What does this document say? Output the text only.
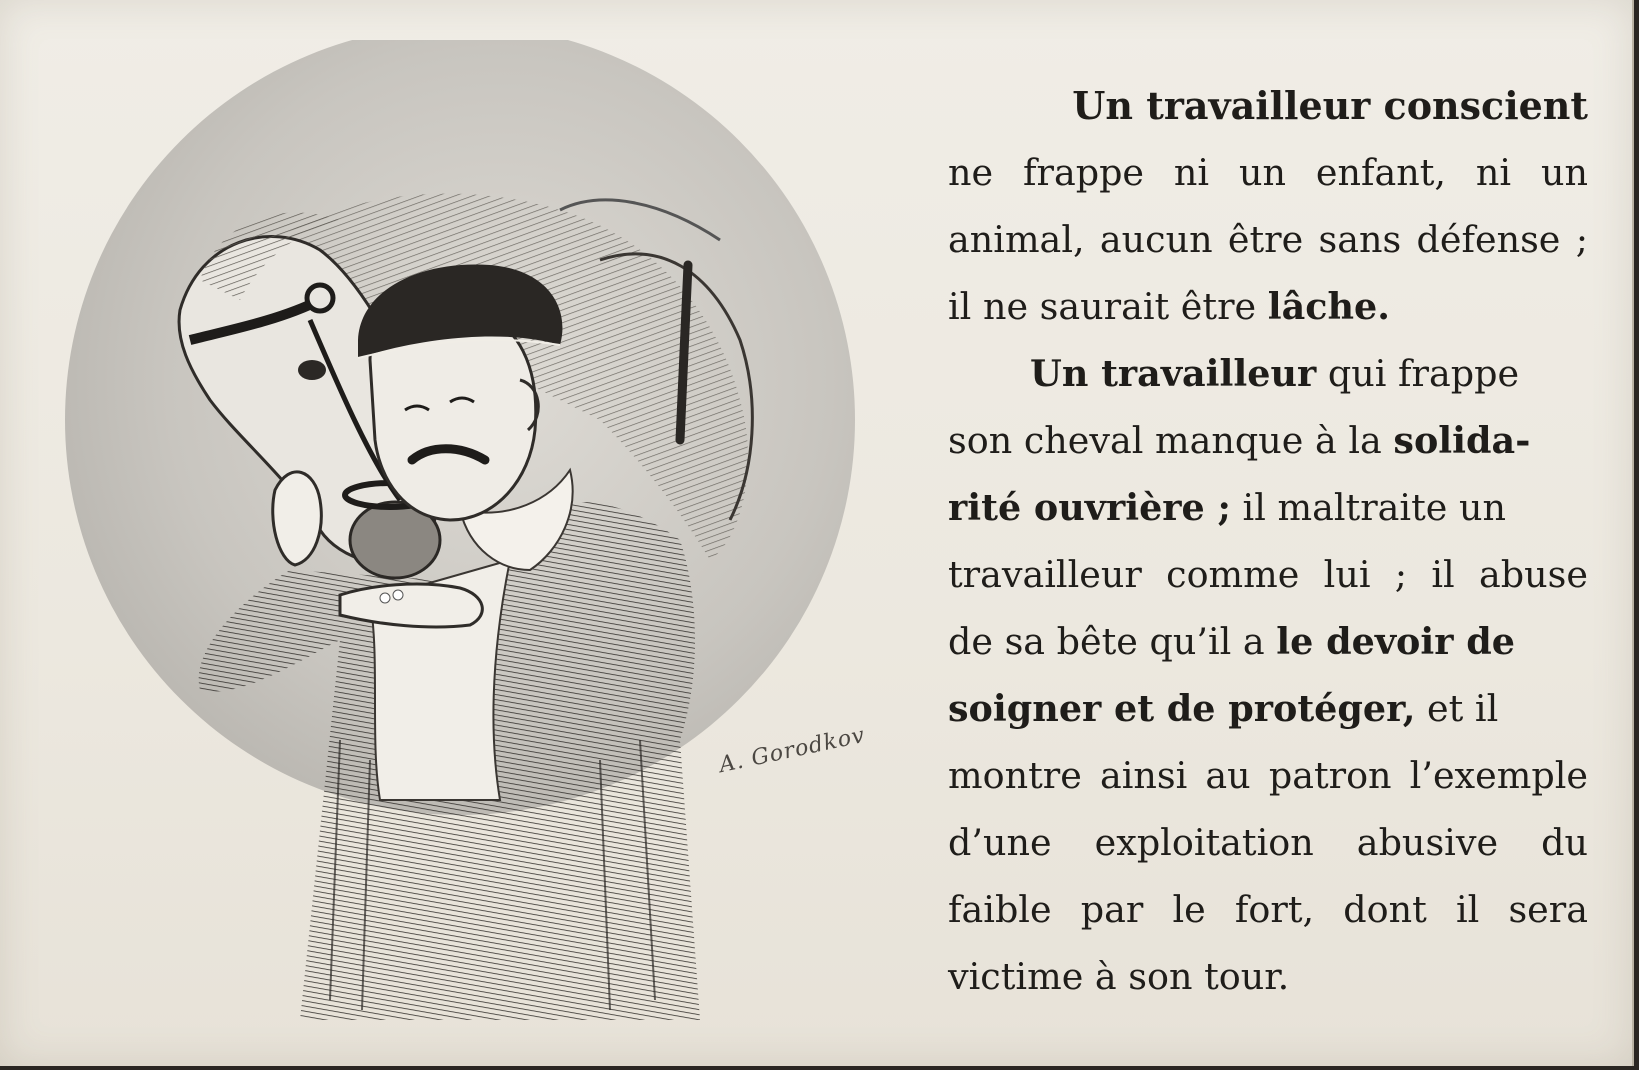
A. Gorodkov
Un travailleur conscient
ne frappe ni un enfant, ni un
animal, aucun être sans défense ;
il ne saurait être lâche.
Un travailleur qui frappe
son cheval manque à la solida-
rité ouvrière ; il maltraite un
travailleur comme lui ; il abuse
de sa bête qu’il a le devoir de
soigner et de protéger, et il
montre ainsi au patron l’exemple
d’une exploitation abusive du
faible par le fort, dont il sera
victime à son tour.
